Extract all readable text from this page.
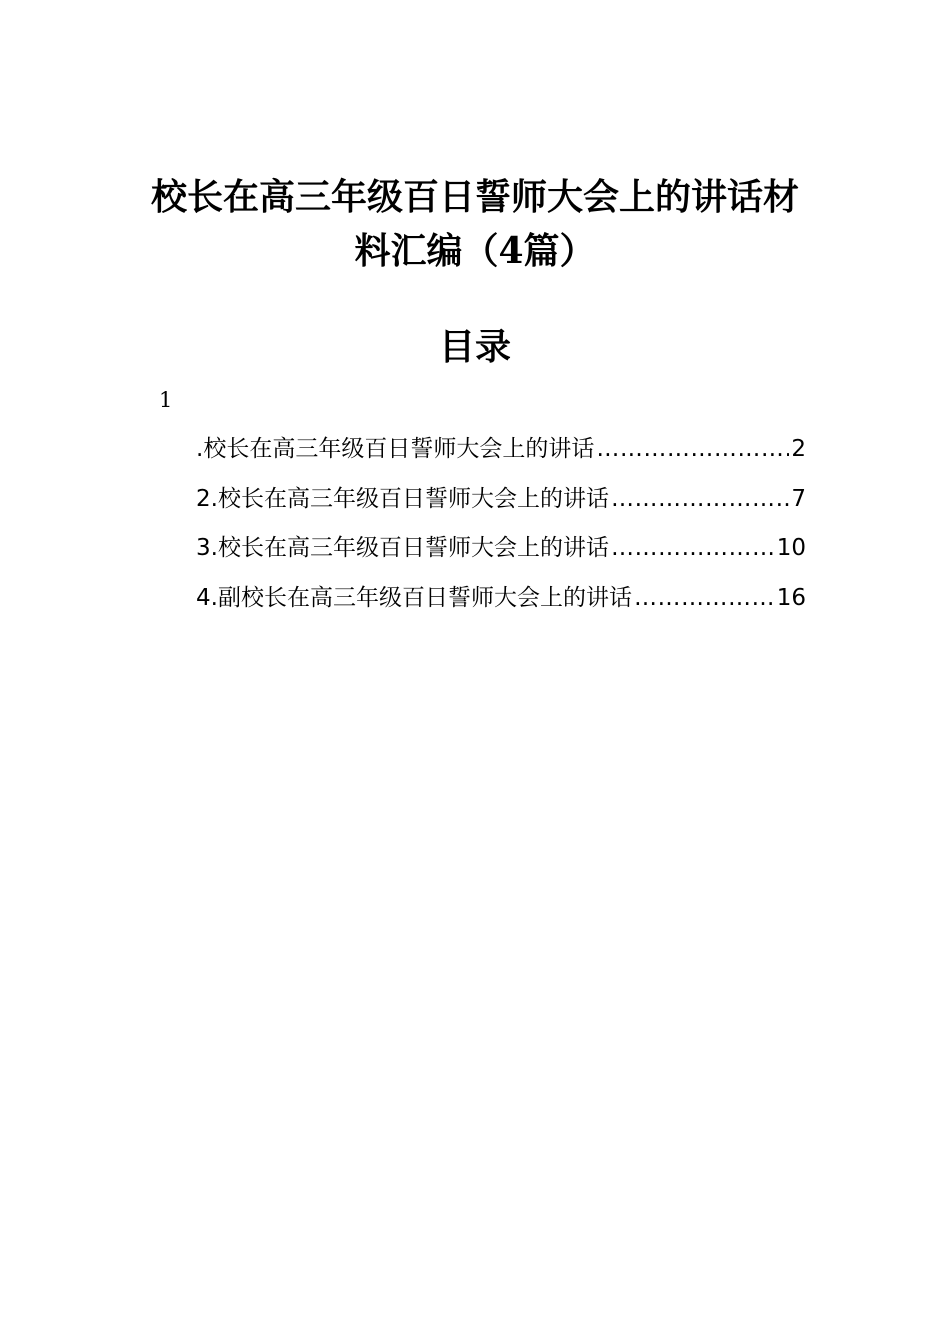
校长在高三年级百日誓师大会上的讲话材
料汇编（4篇）
目录
1
. 校长在高三年级百日誓师大会上的讲话 …………………………………………………………………………………………	2
2. 校长在高三年级百日誓师大会上的讲话 …………………………………………………………………………………………	7
3. 校长在高三年级百日誓师大会上的讲话 …………………………………………………………………………………………	10
4. 副校长在高三年级百日誓师大会上的讲话 …………………………………………………………………………………………	16
